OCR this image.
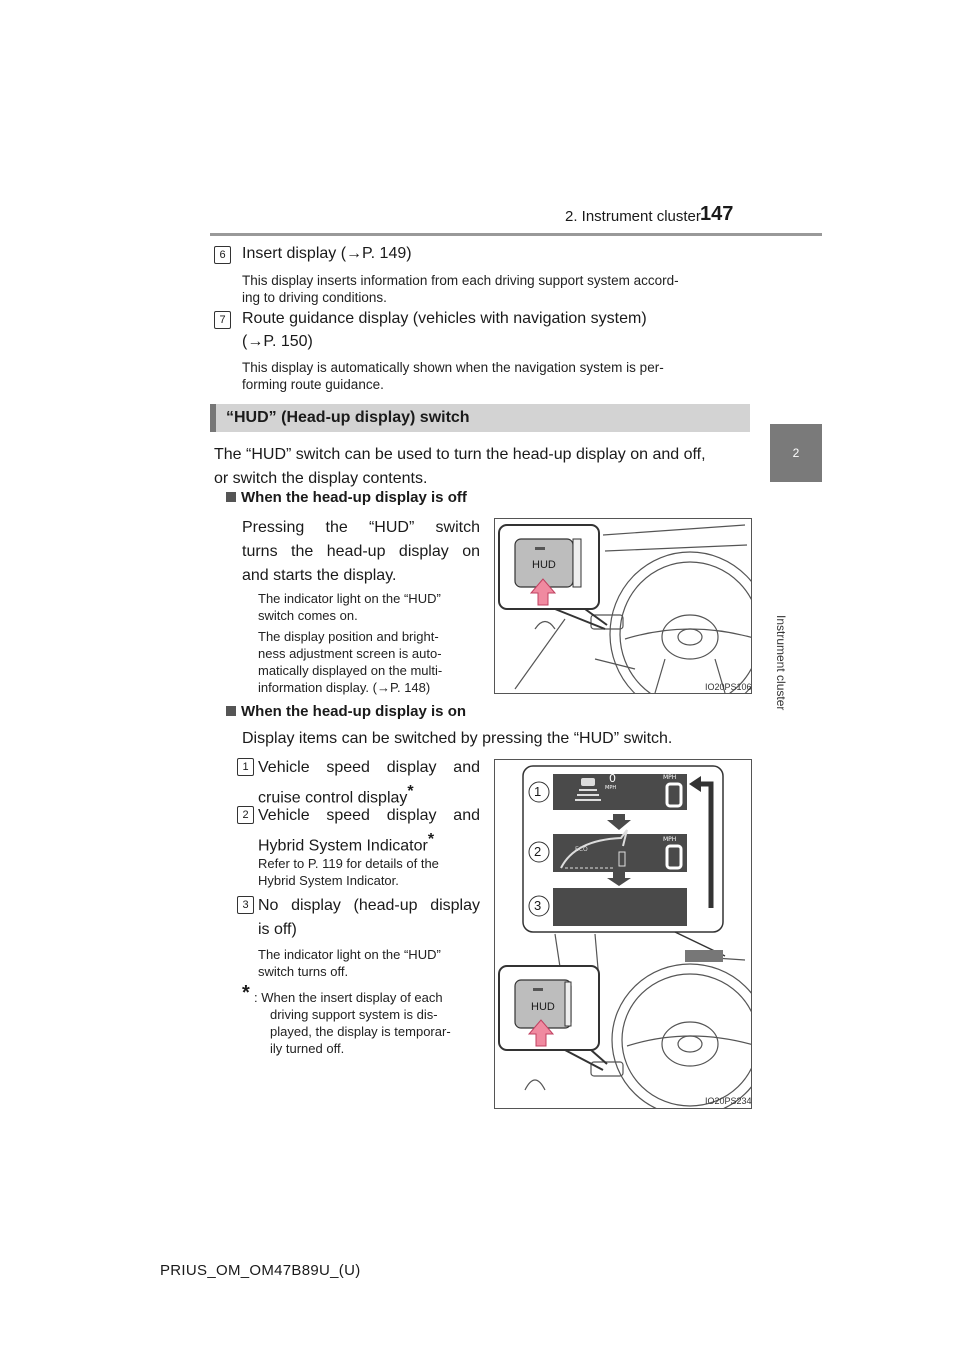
2. Instrument cluster 147
2
Instrument cluster
6	Insert display (→P. 149)
This display inserts information from each driving support system accord-
ing to driving conditions.
7	Route guidance display (vehicles with navigation system)
(→P. 150)
This display is automatically shown when the navigation system is per-
forming route guidance.
“HUD” (Head-up display) switch
The “HUD” switch can be used to turn the head-up display on and off,
or switch the display contents.
When the head-up display is off
Pressing the “HUD” switch
turns the head-up display on
and starts the display.
The indicator light on the “HUD”
switch comes on.
The display position and bright-
ness adjustment screen is auto-
matically displayed on the multi-
information display. (→P. 148)
HUD
IO20PS106
When the head-up display is on
Display items can be switched by pressing the “HUD” switch.
1 Vehicle speed display and
cruise control display*
2 Vehicle speed display and
Hybrid System Indicator*
Refer to P. 119 for details of the
Hybrid System Indicator.
3 No display (head-up display
is off)
The indicator light on the “HUD”
switch turns off.
* : When the insert display of each
driving support system is dis-
played, the display is temporar-
ily turned off.
0
MPH
MPH
MPH
ECO
1
2
3
HUD
IO20PS234
PRIUS_OM_OM47B89U_(U)
